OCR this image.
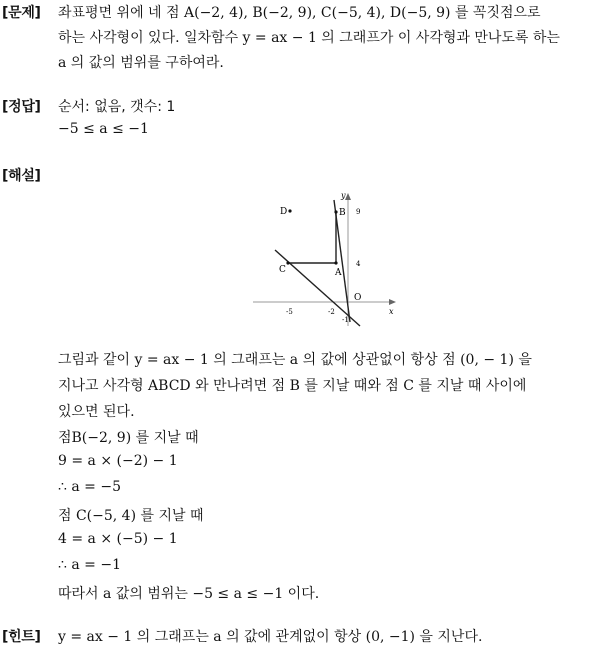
[문제] 좌표평면 위에 네 점 A(−2, 4), B(−2, 9), C(−5, 4), D(−5, 9) 를 꼭짓점으로
하는 사각형이 있다. 일차함수 y = ax − 1 의 그래프가 이 사각형과 만나도록 하는
a 의 값의 범위를 구하여라.
[정답] 순서: 없음, 갯수: 1
−5 ≤ a ≤ −1
[해설]
D	B
C	A
O
x
y
9
4
-5	-2
-1
그림과 같이 y = ax − 1 의 그래프는 a 의 값에 상관없이 항상 점 (0, − 1) 을
지나고 사각형 ABCD 와 만나려면 점 B 를 지날 때와 점 C 를 지날 때 사이에
있으면 된다.
점B(−2, 9) 를 지날 때
9 = a × (−2) − 1
∴ a = −5
점 C(−5, 4) 를 지날 때
4 = a × (−5) − 1
∴ a = −1
따라서 a 값의 범위는 −5 ≤ a ≤ −1 이다.
[힌트] y = ax − 1 의 그래프는 a 의 값에 관계없이 항상 (0, −1) 을 지난다.
